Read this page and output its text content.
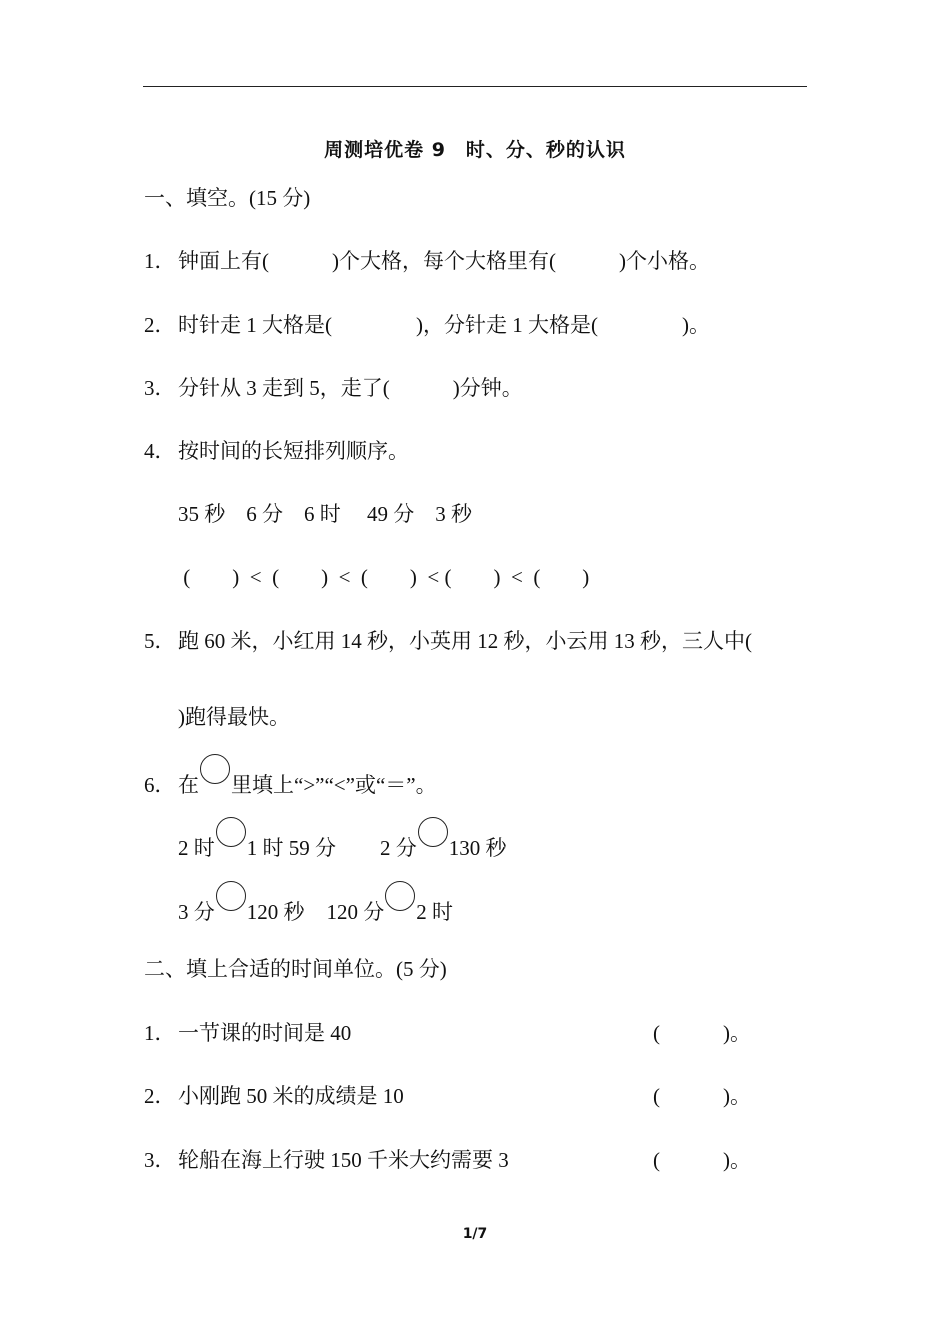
周测培优卷 9　时、分、秒的认识
一、填空。(15 分)
1． 钟面上有(　　　)个大格，每个大格里有(　　　)个小格。
2． 时针走 1 大格是(　　　　)，分针走 1 大格是(　　　　)。
3． 分针从 3 走到 5，走了(　　　)分钟。
4． 按时间的长短排列顺序。
35 秒　6 分　6 时　 49 分　3 秒
(　　)  <  (　　)  <  (　　)  < (　　)  <  (　　)
5． 跑 60 米，小红用 14 秒，小英用 12 秒，小云用 13 秒，三人中(
)跑得最快。
6． 在 里填上“>”“<”或“＝”。
2 时 1 时 59 分 2 分 130 秒
3 分 120 秒 120 分 2 时
二、填上合适的时间单位。(5 分)
1． 一节课的时间是 40	(　　　)。
2． 小刚跑 50 米的成绩是 10	(　　　)。
3． 轮船在海上行驶 150 千米大约需要 3	(　　　)。
1/7
